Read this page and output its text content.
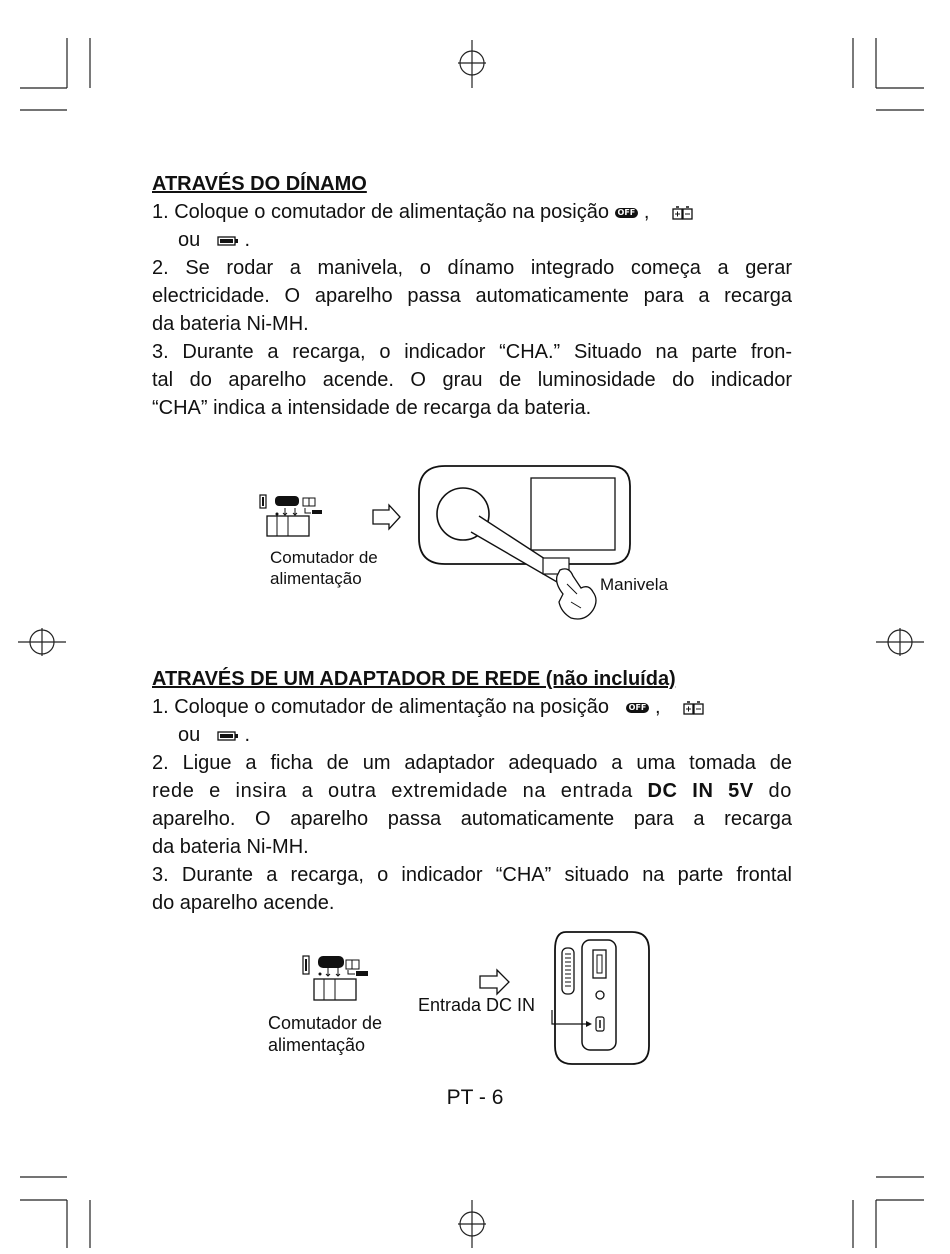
ATRAVÉS DO DÍNAMO
1. Coloque o comutador de alimentação na posição OFF ,
ou .
2. Se rodar a manivela, o dínamo integrado começa a gerar
electricidade. O aparelho passa automaticamente para a recarga
da bateria Ni-MH.
3. Durante a recarga, o indicador “CHA.” Situado na parte fron-
tal do aparelho acende. O grau de luminosidade do indicador
“CHA” indica a intensidade de recarga da bateria.
Comutador de
alimentação	Manivela
ATRAVÉS DE UM ADAPTADOR DE REDE (não incluída)
1. Coloque o comutador de alimentação na posição OFF ,
ou .
2. Ligue a ficha de um adaptador adequado a uma tomada de
rede e insira a outra extremidade na entrada DC IN 5V do
aparelho. O aparelho passa automaticamente para a recarga
da bateria Ni-MH.
3. Durante a recarga, o indicador “CHA” situado na parte frontal
do aparelho acende.
Comutador de
alimentação
Entrada DC IN
PT - 6
